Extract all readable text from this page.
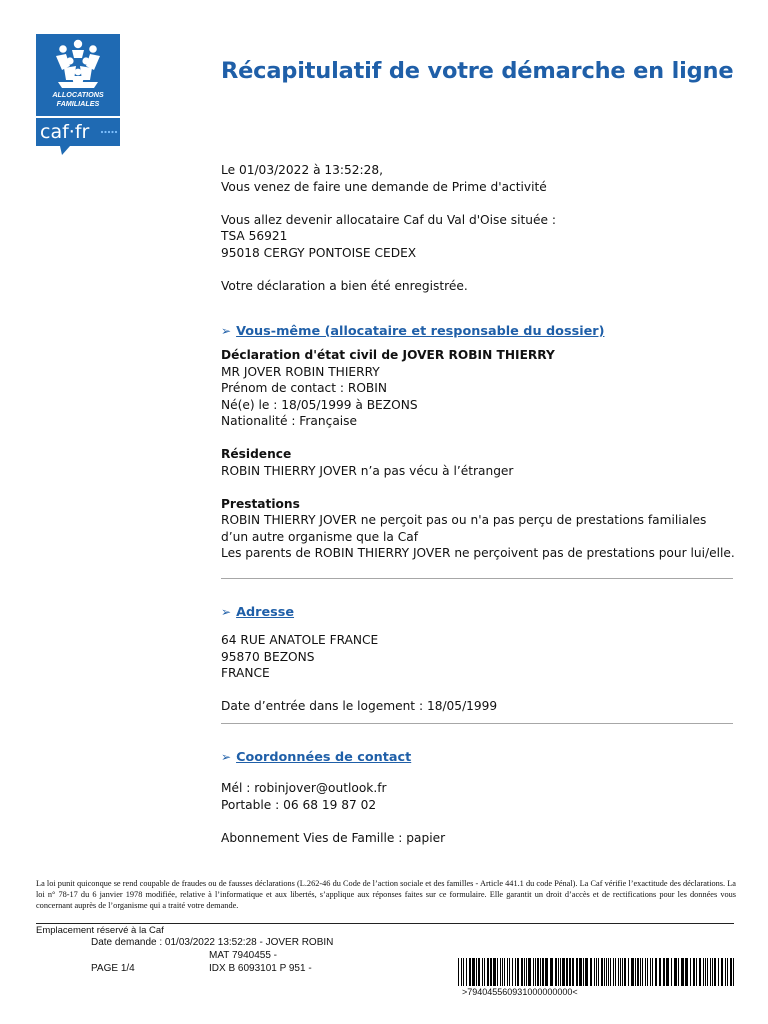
ALLOCATIONS
FAMILIALES
caf·fr
Récapitulatif de votre démarche en ligne
Le 01/03/2022 à 13:52:28,

Vous venez de faire une demande de Prime d'activité

Vous allez devenir allocataire Caf du Val d'Oise située :
TSA 56921

95018 CERGY PONTOISE CEDEX

Votre déclaration a bien été enregistrée.
➢ Vous-même (allocataire et responsable du dossier)
Déclaration d'état civil de JOVER ROBIN THIERRY
MR JOVER ROBIN THIERRY
Prénom de contact : ROBIN
Né(e) le : 18/05/1999 à BEZONS
Nationalité : Française
Résidence
ROBIN THIERRY JOVER n’a pas vécu à l’étranger
Prestations
ROBIN THIERRY JOVER ne perçoit pas ou n'a pas perçu de prestations familiales
d’un autre organisme que la Caf
Les parents de ROBIN THIERRY JOVER ne perçoivent pas de prestations pour lui/elle.
➢ Adresse
64 RUE ANATOLE FRANCE
95870 BEZONS
FRANCE
Date d’entrée dans le logement : 18/05/1999
➢ Coordonnées de contact
Mél : robinjover@outlook.fr
Portable : 06 68 19 87 02
Abonnement Vies de Famille : papier
La loi punit quiconque se rend coupable de fraudes ou de fausses déclarations (L.262-46 du Code de l’action sociale et des familles - Article 441.1 du code Pénal). La Caf vérifie l’exactitude des déclarations. La loi n° 78-17 du 6 janvier 1978 modifiée, relative à l’informatique et aux libertés, s’applique aux réponses faites sur ce formulaire. Elle garantit un droit d’accès et de rectifications pour les données vous concernant auprès de l’organisme qui a traité votre demande.
Emplacement réservé à la Caf
Date demande : 01/03/2022 13:52:28 - JOVER ROBIN
MAT 7940455 -
PAGE 1/4	IDX B 6093101 P 951 -
>794045560931000000000<
